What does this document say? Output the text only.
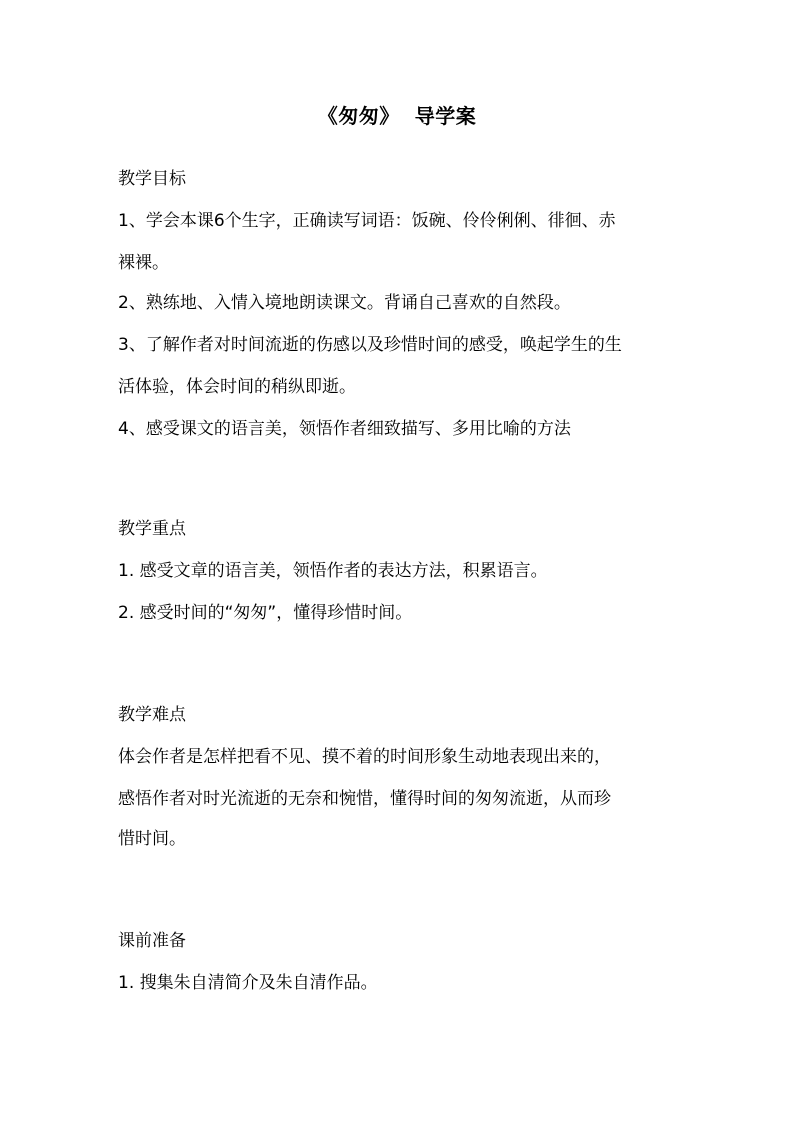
《匆匆》  导学案
教学目标
1、学会本课6个生字，正确读写词语：饭碗、伶伶俐俐、徘徊、赤
裸裸。
2、熟练地、入情入境地朗读课文。背诵自己喜欢的自然段。
3、了解作者对时间流逝的伤感以及珍惜时间的感受，唤起学生的生
活体验，体会时间的稍纵即逝。
4、感受课文的语言美，领悟作者细致描写、多用比喻的方法
教学重点
1. 感受文章的语言美，领悟作者的表达方法，积累语言。
2. 感受时间的“匆匆”，懂得珍惜时间。
教学难点
体会作者是怎样把看不见、摸不着的时间形象生动地表现出来的，
感悟作者对时光流逝的无奈和惋惜，懂得时间的匆匆流逝，从而珍
惜时间。
课前准备
1. 搜集朱自清简介及朱自清作品。
